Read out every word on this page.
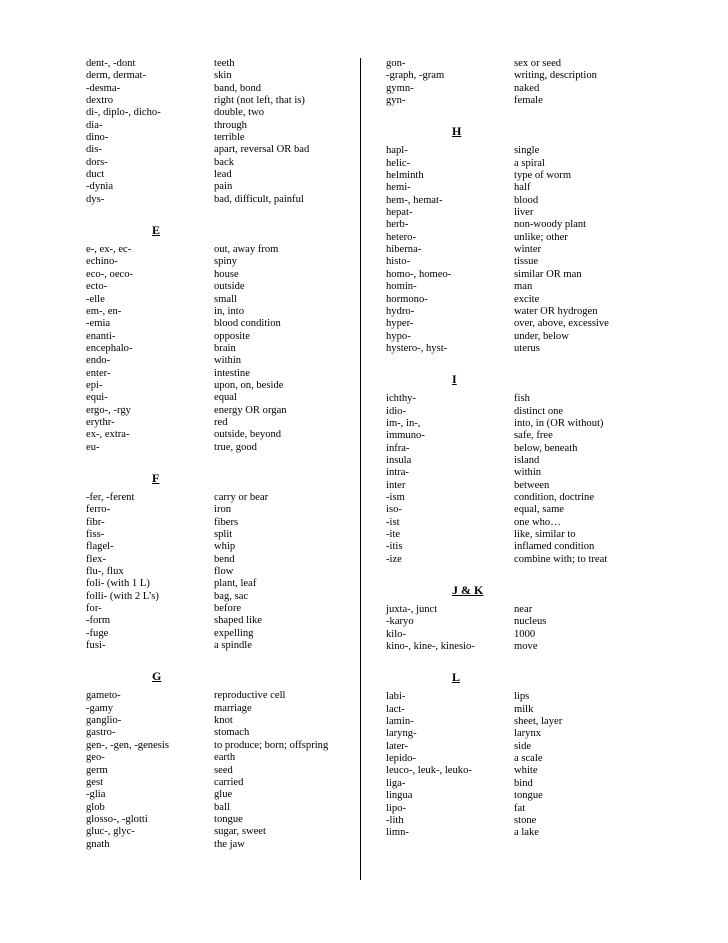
dent-, -dont	teeth
derm, dermat-	skin
-desma-	band, bond
dextro	right (not left, that is)
di-, diplo-, dicho-	double, two
dia-	through
dino-	terrible
dis-	apart, reversal OR bad
dors-	back
duct	lead
-dynia	pain
dys-	bad, difficult, painful
E
e-, ex-, ec-	out, away from
echino-	spiny
eco-, oeco-	house
ecto-	outside
-elle	small
em-, en-	in, into
-emia	blood condition
enanti-	opposite
encephalo-	brain
endo-	within
enter-	intestine
epi-	upon, on, beside
equi-	equal
ergo-, -rgy	energy OR organ
erythr-	red
ex-, extra-	outside, beyond
eu-	true, good
F
-fer, -ferent	carry or bear
ferro-	iron
fibr-	fibers
fiss-	split
flagel-	whip
flex-	bend
flu-, flux	flow
foli- (with 1 L)	plant, leaf
folli- (with 2 L’s)	bag, sac
for-	before
-form	shaped like
-fuge	expelling
fusi-	a spindle
G
gameto-	reproductive cell
-gamy	marriage
ganglio-	knot
gastro-	stomach
gen-, -gen, -genesis	to produce; born; offspring
geo-	earth
germ	seed
gest	carried
-glia	glue
glob	ball
glosso-, -glotti	tongue
gluc-, glyc-	sugar, sweet
gnath	the jaw
gon-	sex or seed
-graph, -gram	writing, description
gymn-	naked
gyn-	female
H
hapl-	single
helic-	a spiral
helminth	type of worm
hemi-	half
hem-, hemat-	blood
hepat-	liver
herb-	non-woody plant
hetero-	unlike; other
hiberna-	winter
histo-	tissue
homo-, homeo-	similar OR man
homin-	man
hormono-	excite
hydro-	water OR hydrogen
hyper-	over, above, excessive
hypo-	under, below
hystero-, hyst-	uterus
I
ichthy-	fish
idio-	distinct one
im-, in-,	into, in (OR without)
immuno-	safe, free
infra-	below, beneath
insula	island
intra-	within
inter	between
-ism	condition, doctrine
iso-	equal, same
-ist	one who…
-ite	like, similar to
-itis	inflamed condition
-ize	combine with; to treat
J & K
juxta-, junct	near
-karyo	nucleus
kilo-	1000
kino-, kine-, kinesio-	move
L
labi-	lips
lact-	milk
lamin-	sheet, layer
laryng-	larynx
later-	side
lepido-	a scale
leuco-, leuk-, leuko-	white
liga-	bind
lingua	tongue
lipo-	fat
-lith	stone
limn-	a lake
